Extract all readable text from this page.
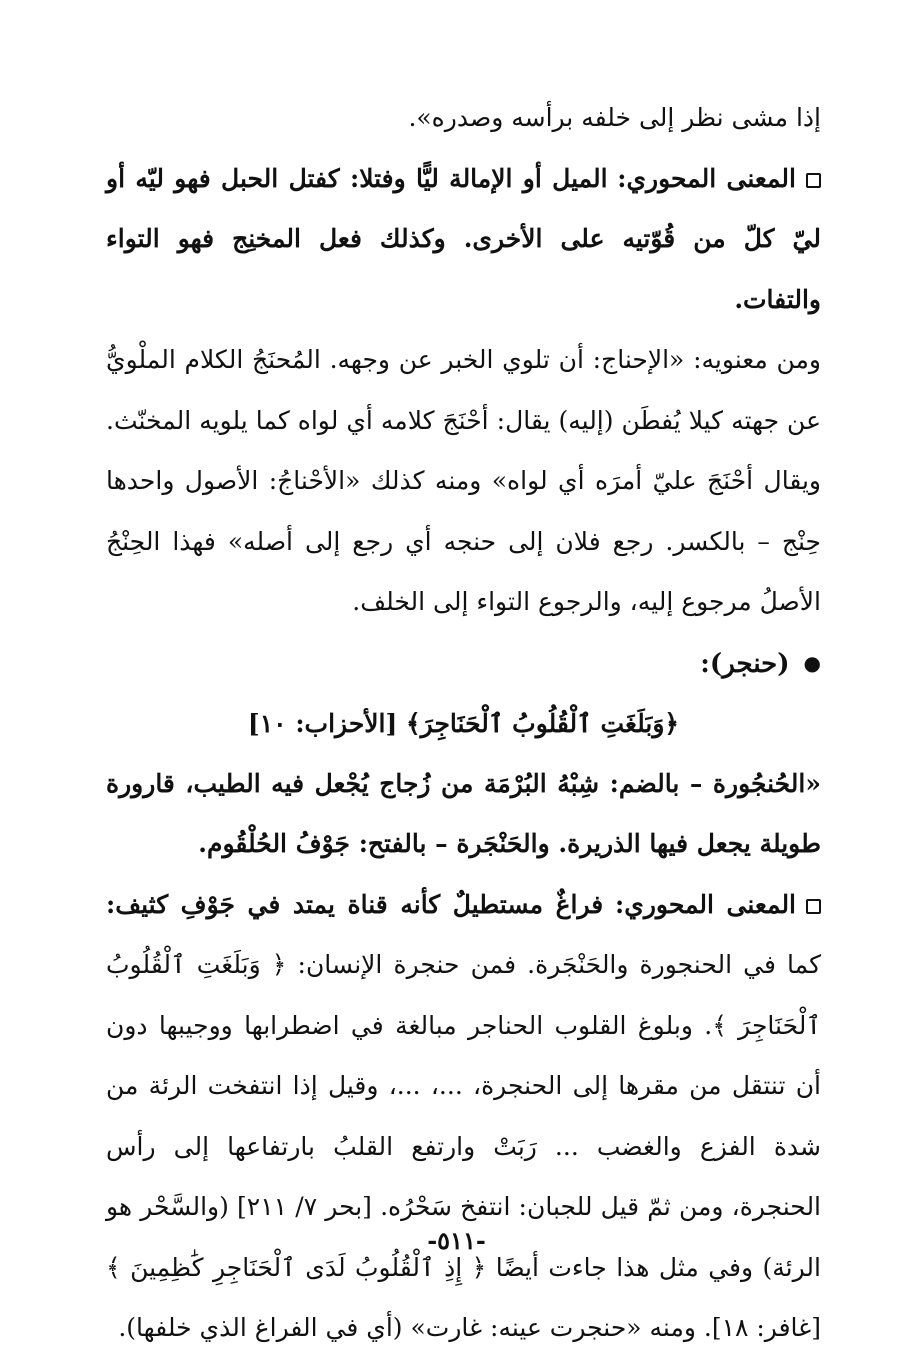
إذا مشى نظر إلى خلفه برأسه وصدره».

المعنى المحوري: الميل أو الإمالة ليًّا وفتلا: كفتل الحبل فهو ليّه أو ليّ كلّ من قُوّتيه على الأخرى. وكذلك فعل المخنِج فهو التواء والتفات.

ومن معنويه: «الإحناج: أن تلوي الخبر عن وجهه. المُحنَجُ الكلام الملْويُّ عن جهته كيلا يُفطَن (إليه) يقال: أحْنَجَ كلامه أي لواه كما يلويه المخنّث. ويقال أحْنَجَ عليّ أمرَه أي لواه» ومنه كذلك «الأحْناجُ: الأصول واحدها حِنْج – بالكسر. رجع فلان إلى حنجه أي رجع إلى أصله» فهذا الحِنْجُ الأصلُ مرجوع إليه، والرجوع التواء إلى الخلف.

●(حنجر):

﴿وَبَلَغَتِ ٱلْقُلُوبُ ٱلْحَنَاجِرَ﴾ [الأحزاب: ١٠]

«الحُنجُورة – بالضم: شِبْهُ البُرْمَة من زُجاج يُجْعل فيه الطيب، قارورة طويلة يجعل فيها الذريرة. والحَنْجَرة – بالفتح: جَوْفُ الحُلْقُوم.

المعنى المحوري: فراغٌ مستطيلٌ كأنه قناة يمتد في جَوْفِ كثيف: كما في الحنجورة والحَنْجَرة. فمن حنجرة الإنسان: ﴿ وَبَلَغَتِ ٱلْقُلُوبُ ٱلْحَنَاجِرَ ﴾. وبلوغ القلوب الحناجر مبالغة في اضطرابها ووجيبها دون أن تنتقل من مقرها إلى الحنجرة، ...، ...، وقيل إذا انتفخت الرئة من شدة الفزع والغضب ... رَبَتْ وارتفع القلبُ بارتفاعها إلى رأس الحنجرة، ومن ثمّ قيل للجبان: انتفخ سَحْرُه. [بحر ٧/ ٢١١] (والسَّحْر هو الرئة) وفي مثل هذا جاءت أيضًا ﴿ إِذِ ٱلْقُلُوبُ لَدَى ٱلْحَنَاجِرِ كَٰظِمِينَ ﴾ [غافر: ١٨]. ومنه «حنجرت عينه: غارت» (أي في الفراغ الذي خلفها).

-٥١١-
